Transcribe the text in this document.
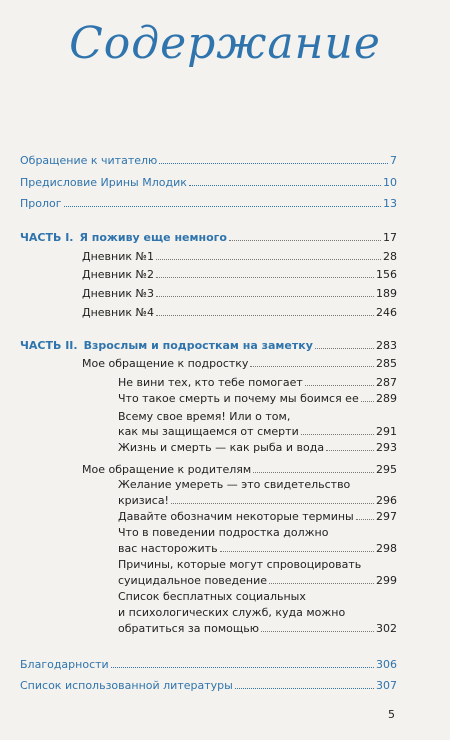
Содержание
Обращение к читателю	7
Предисловие Ирины Млодик	10
Пролог	13
ЧАСТЬ I. Я поживу еще немного	17
Дневник №1	28
Дневник №2	156
Дневник №3	189
Дневник №4	246
ЧАСТЬ II. Взрослым и подросткам на заметку	283
Мое обращение к подростку	285
Не вини тех, кто тебе помогает	287
Что такое смерть и почему мы боимся ее 289
Всему свое время! Или о том,
как мы защищаемся от смерти	291
Жизнь и смерть — как рыба и вода	293
Мое обращение к родителям	295
Желание умереть — это свидетельство
кризиса!	296
Давайте обозначим некоторые термины 297
Что в поведении подростка должно
вас насторожить	298
Причины, которые могут спровоцировать
суицидальное поведение	299
Список бесплатных социальных
и психологических служб, куда можно
обратиться за помощью	302
Благодарности	306
Список использованной литературы	307
5
